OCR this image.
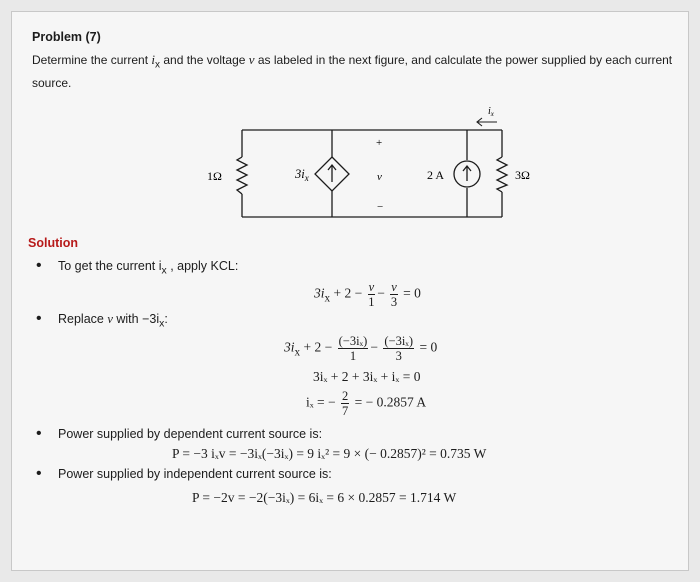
Problem (7)
Determine the current $i_x$ and the voltage v as labeled in the next figure, and calculate the power supplied by each current source.
1Ω	$3i_x$
+
v
−
2 A	3Ω
$i_x$
Solution
• To get the current $i_x$ , apply KCL:
$3i_x + 2 - \frac{v}{1} - \frac{v}{3} = 0$
• Replace v with $-3i_x$:
$3i_x + 2 - \frac{\text{(−3iₓ)}}{1} - \frac{\text{(−3iₓ)}}{3} = 0$
3iₓ + 2 + 3iₓ + iₓ = 0
iₓ = − $\frac{2}{7}$ = − 0.2857 A
• Power supplied by dependent current source is:
P = −3 iₓv = −3iₓ(−3iₓ) = 9 iₓ² = 9 × (− 0.2857)² = 0.735 W
• Power supplied by independent current source is:
P = −2v = −2(−3iₓ) = 6iₓ = 6 × 0.2857 = 1.714 W
